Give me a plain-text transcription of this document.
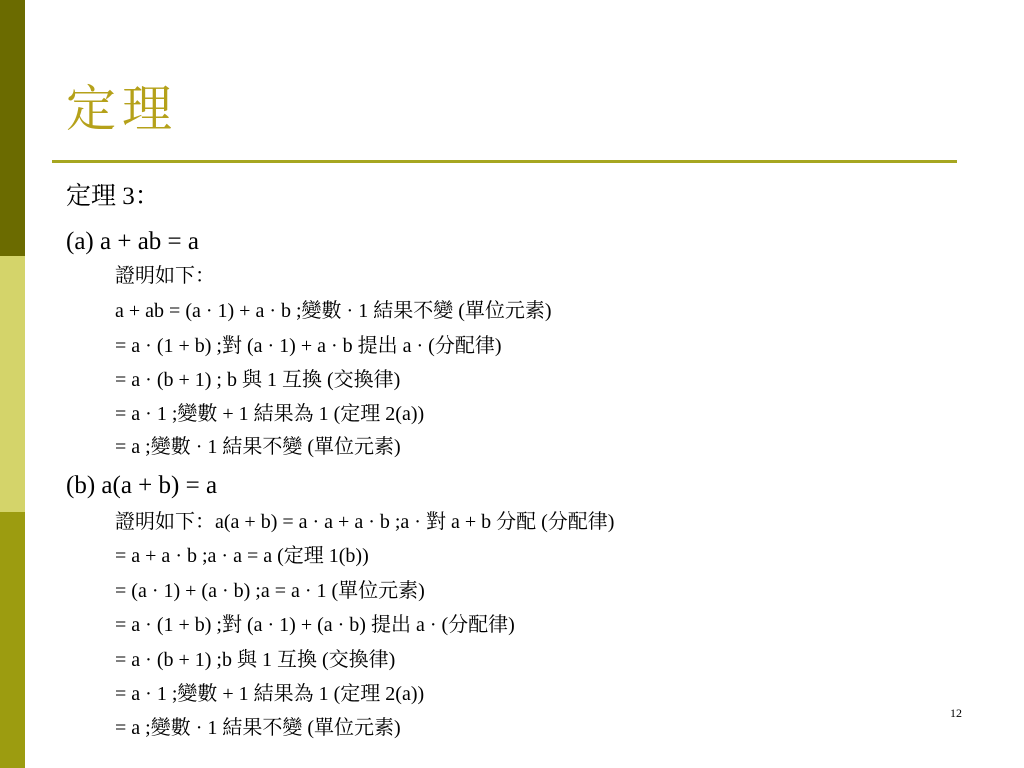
定理
定理 3：
(a) a + ab = a
證明如下：
a + ab = (a · 1) + a · b ;變數 · 1 結果不變 (單位元素)
= a · (1 + b) ;對 (a · 1) + a · b 提出 a · (分配律)
= a · (b + 1) ; b 與 1 互換 (交換律)
= a · 1 ;變數 + 1 結果為 1 (定理 2(a))
= a ;變數 · 1 結果不變 (單位元素)
(b) a(a + b) = a
證明如下：a(a + b) = a · a + a · b ;a · 對 a + b 分配 (分配律)
= a + a · b ;a · a = a (定理 1(b))
= (a · 1) + (a · b) ;a = a · 1 (單位元素)
= a · (1 + b) ;對 (a · 1) + (a · b) 提出 a · (分配律)
= a · (b + 1) ;b 與 1 互換 (交換律)
= a · 1 ;變數 + 1 結果為 1 (定理 2(a))
= a ;變數 · 1 結果不變 (單位元素)
12
